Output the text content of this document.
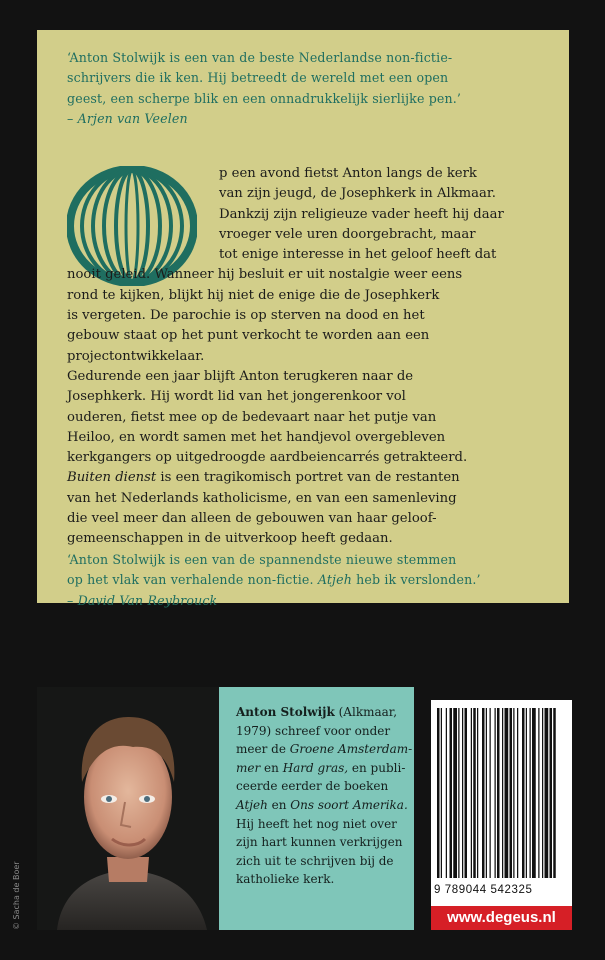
‘Anton Stolwijk is een van de beste Nederlandse non-fictie-
schrijvers die ik ken. Hij betreedt de wereld met een open
geest, een scherpe blik en een onnadrukkelijk sierlijke pen.’
– Arjen van Veelen
O	p een avond fietst Anton langs de kerk
van zijn jeugd, de Josephkerk in Alkmaar.
Dankzij zijn religieuze vader heeft hij daar
vroeger vele uren doorgebracht, maar
tot enige interesse in het geloof heeft dat
nooit geleid. Wanneer hij besluit er uit nostalgie weer eens
rond te kijken, blijkt hij niet de enige die de Josephkerk
is vergeten. De parochie is op sterven na dood en het
gebouw staat op het punt verkocht te worden aan een
projectontwikkelaar.
Gedurende een jaar blijft Anton terugkeren naar de
Josephkerk. Hij wordt lid van het jongerenkoor vol
ouderen, fietst mee op de bedevaart naar het putje van
Heiloo, en wordt samen met het handjevol overgebleven
kerkgangers op uitgedroogde aardbeiencarrés getrakteerd.
Buiten dienst is een tragikomisch portret van de restanten
van het Nederlands katholicisme, en van een samenleving
die veel meer dan alleen de gebouwen van haar geloof-
gemeenschappen in de uitverkoop heeft gedaan.
‘Anton Stolwijk is een van de spannendste nieuwe stemmen
op het vlak van verhalende non-fictie. Atjeh heb ik verslonden.’
– David Van Reybrouck
© Sacha de Boer
Anton Stolwijk (Alkmaar,
1979) schreef voor onder
meer de Groene Amsterdam-
mer en Hard gras, en publi-
ceerde eerder de boeken
Atjeh en Ons soort Amerika.
Hij heeft het nog niet over
zijn hart kunnen verkrijgen
zich uit te schrijven bij de
katholieke kerk.
9 789044 542325
www.degeus.nl
